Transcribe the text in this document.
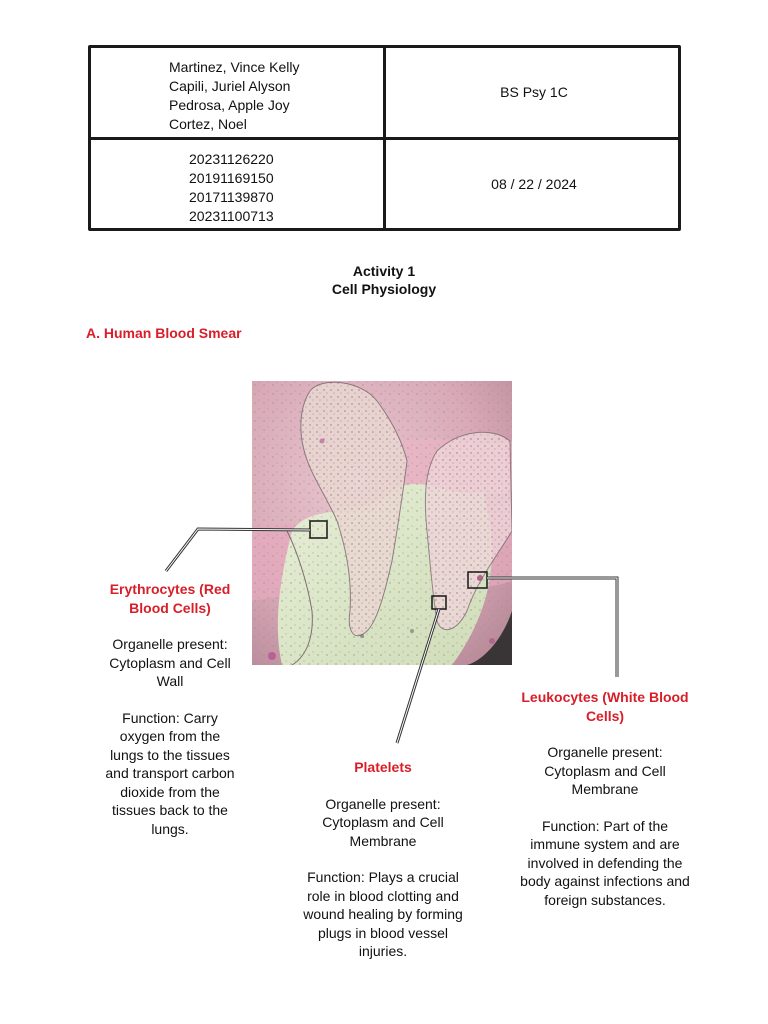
Martinez, Vince Kelly
Capili, Juriel Alyson
Pedrosa, Apple Joy
Cortez, Noel
BS Psy 1C
20231126220
20191169150
20171139870
20231100713
08 / 22 / 2024
Activity 1
Cell Physiology
A. Human Blood Smear

Erythrocytes (Red

Blood Cells)

Organelle present:

Cytoplasm and Cell

Wall

Function: Carry

oxygen from the

lungs to the tissues

and transport carbon

dioxide from the

tissues back to the

lungs.

Platelets

Organelle present:

Cytoplasm and Cell

Membrane

Function: Plays a crucial

role in blood clotting and

wound healing by forming

plugs in blood vessel

injuries.

Leukocytes (White Blood

Cells)

Organelle present:

Cytoplasm and Cell

Membrane

Function: Part of the

immune system and are

involved in defending the

body against infections and

foreign substances.
